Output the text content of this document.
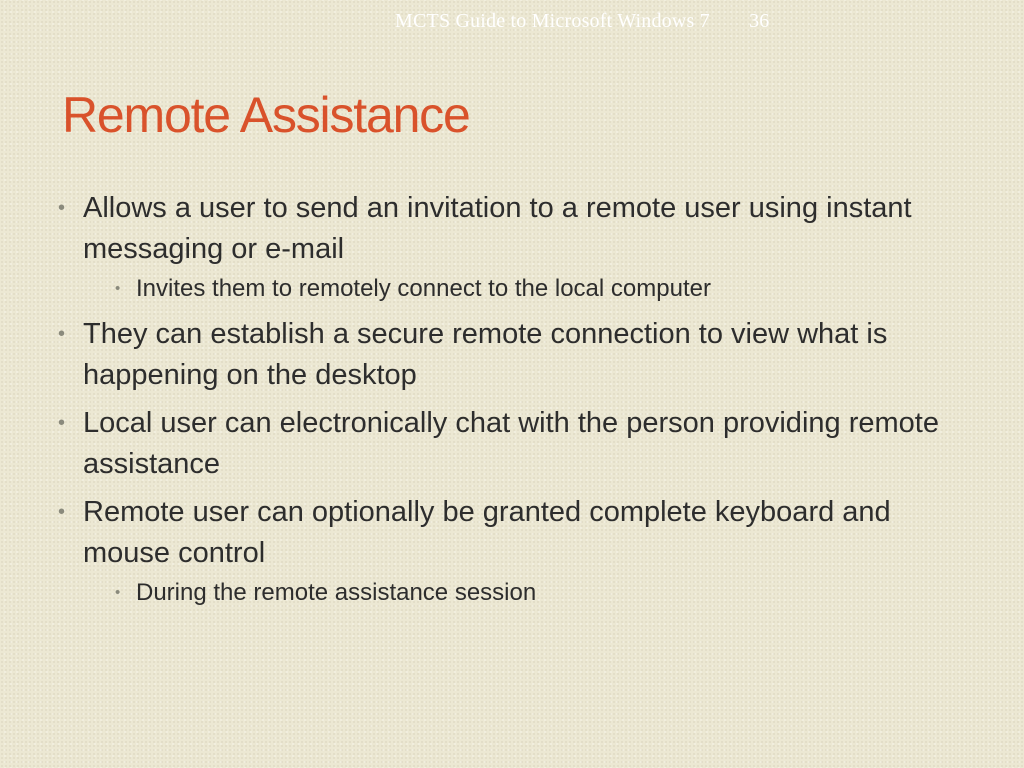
MCTS Guide to Microsoft Windows 7 36
Remote Assistance
• Allows a user to send an invitation to a remote user using instant messaging or e-mail
• Invites them to remotely connect to the local computer
• They can establish a secure remote connection to view what is happening on the desktop
• Local user can electronically chat with the person providing remote assistance
• Remote user can optionally be granted complete keyboard and mouse control
• During the remote assistance session
